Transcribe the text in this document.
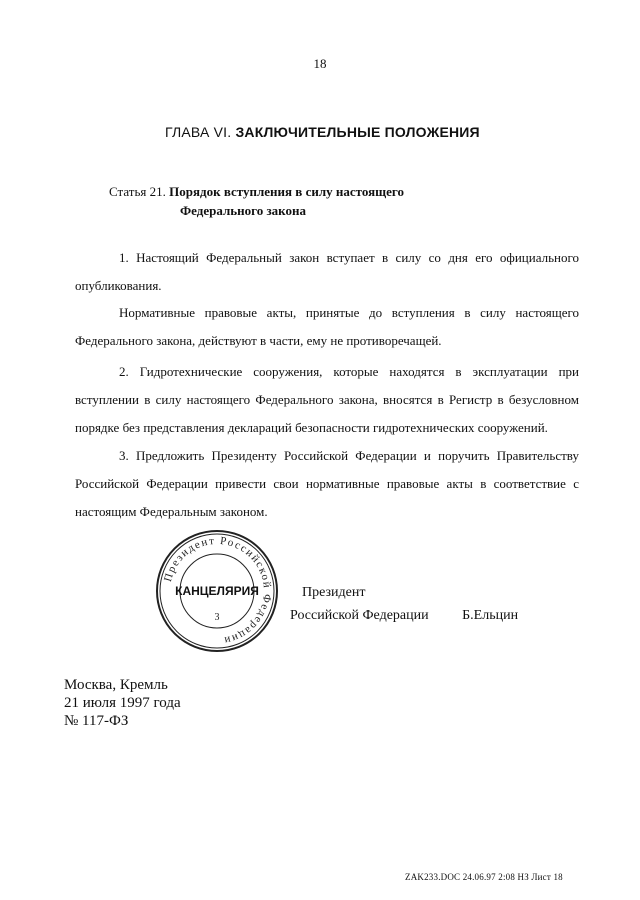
18
ГЛАВА VI. ЗАКЛЮЧИТЕЛЬНЫЕ ПОЛОЖЕНИЯ
Статья 21. Порядок вступления в силу настоящего
Федерального закона

1. Настоящий Федеральный закон вступает в силу со дня его официального опубликования.

Нормативные правовые акты, принятые до вступления в силу настоящего Федерального закона, действуют в части, ему не противоречащей.

2. Гидротехнические сооружения, которые находятся в эксплуатации при вступлении в силу настоящего Федерального закона, вносятся в Регистр в безусловном порядке без представления деклараций безопасности гидротехнических сооружений.

3. Предложить Президенту Российской Федерации и поручить Правительству Российской Федерации привести свои нормативные правовые акты в соответствие с настоящим Федеральным законом.

Президент Российской Федерации
КАНЦЕЛЯРИЯ
3
Президент
Российской Федерации Б.Ельцин
Москва, Кремль
21 июля 1997 года
№ 117-ФЗ
ZAK233.DOC 24.06.97 2:08 НЗ Лист 18
